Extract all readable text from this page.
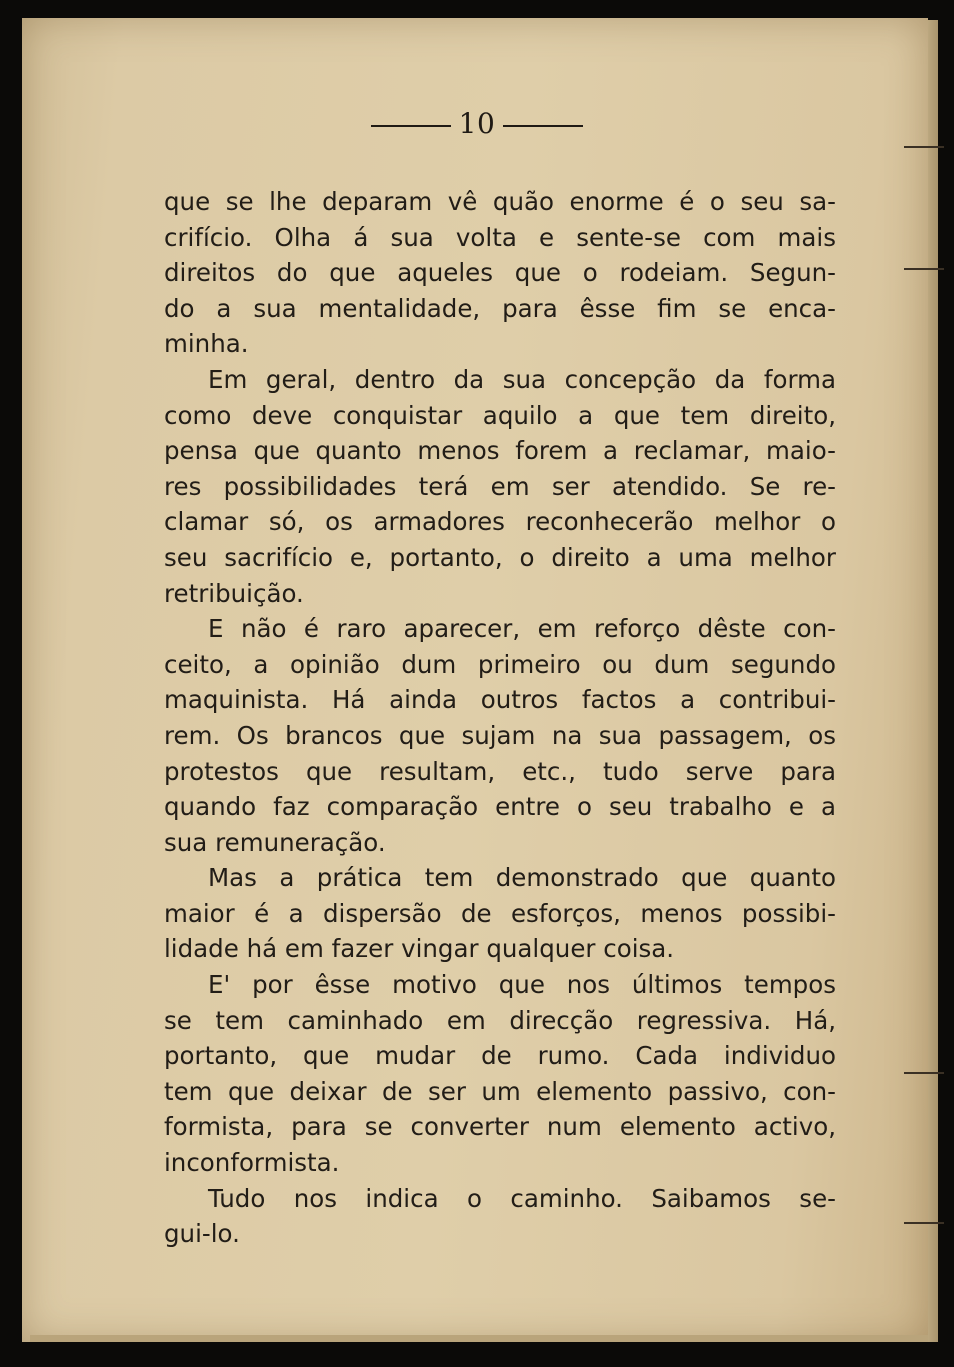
10
que se lhe deparam vê quão enorme é o seu sa-
crifício. Olha á sua volta e sente-se com mais
direitos do que aqueles que o rodeiam. Segun-
do a sua mentalidade, para êsse fim se enca-
minha.
Em geral, dentro da sua concepção da forma
como deve conquistar aquilo a que tem direito,
pensa que quanto menos forem a reclamar, maio-
res possibilidades terá em ser atendido. Se re-
clamar só, os armadores reconhecerão melhor o
seu sacrifício e, portanto, o direito a uma melhor
retribuição.
E não é raro aparecer, em reforço dêste con-
ceito, a opinião dum primeiro ou dum segundo
maquinista. Há ainda outros factos a contribui-
rem. Os brancos que sujam na sua passagem, os
protestos que resultam, etc., tudo serve para
quando faz comparação entre o seu trabalho e a
sua remuneração.
Mas a prática tem demonstrado que quanto
maior é a dispersão de esforços, menos possibi-
lidade há em fazer vingar qualquer coisa.
E' por êsse motivo que nos últimos tempos
se tem caminhado em direcção regressiva. Há,
portanto, que mudar de rumo. Cada individuo
tem que deixar de ser um elemento passivo, con-
formista, para se converter num elemento activo,
inconformista.
Tudo nos indica o caminho. Saibamos se-
gui-lo.
